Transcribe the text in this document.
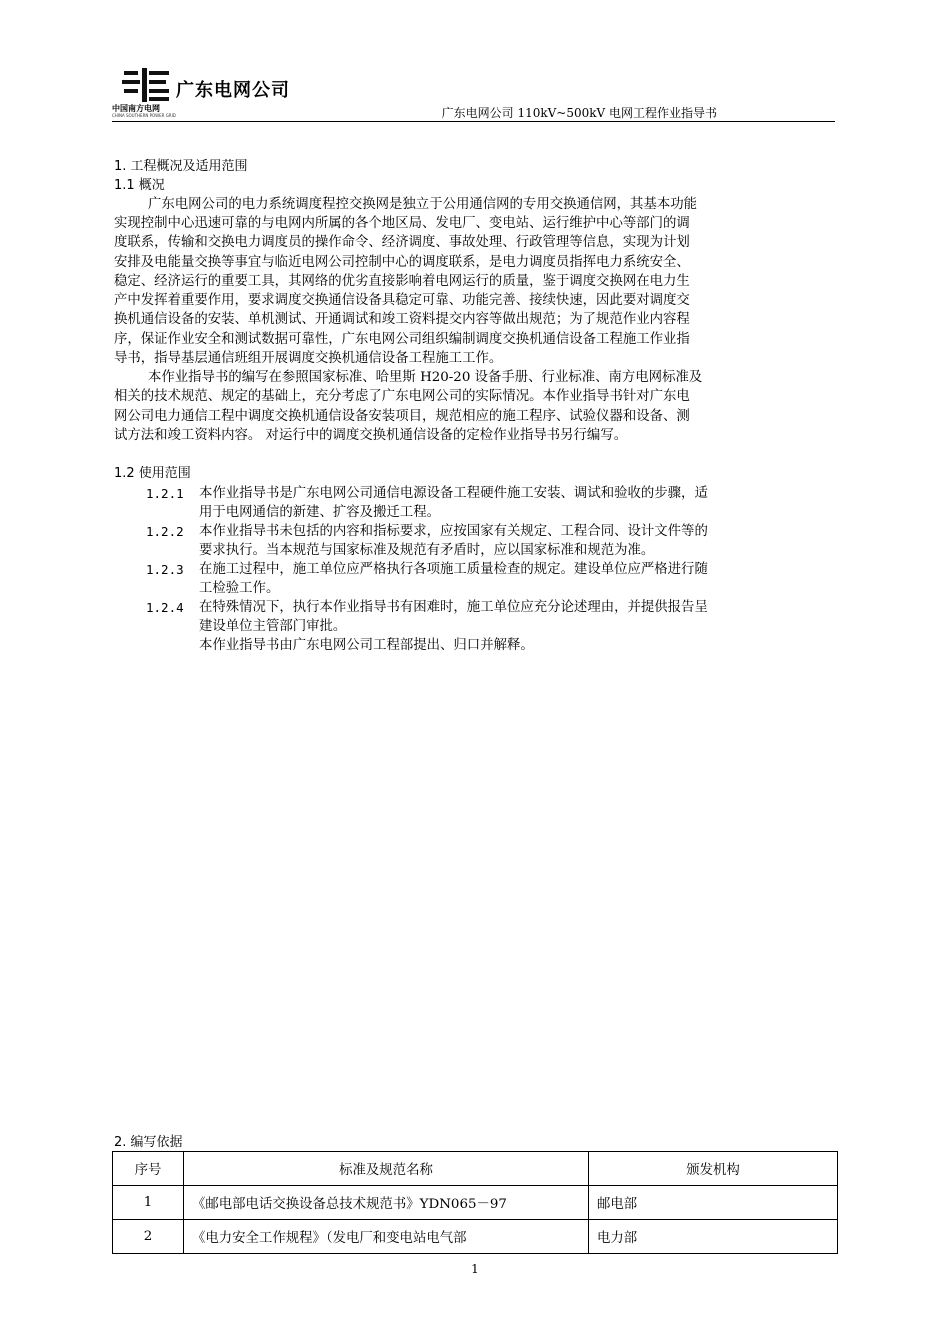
广东电网公司
中国南方电网
CHINA SOUTHERN POWER GRID	广东电网公司 110kV~500kV 电网工程作业指导书
1. 工程概况及适用范围
1.1 概况
广东电网公司的电力系统调度程控交换网是独立于公用通信网的专用交换通信网，其基本功能
实现控制中心迅速可靠的与电网内所属的各个地区局、发电厂、变电站、运行维护中心等部门的调
度联系，传输和交换电力调度员的操作命令、经济调度、事故处理、行政管理等信息，实现为计划
安排及电能量交换等事宜与临近电网公司控制中心的调度联系，是电力调度员指挥电力系统安全、
稳定、经济运行的重要工具，其网络的优劣直接影响着电网运行的质量，鉴于调度交换网在电力生
产中发挥着重要作用，要求调度交换通信设备具稳定可靠、功能完善、接续快速，因此要对调度交
换机通信设备的安装、单机测试、开通调试和竣工资料提交内容等做出规范；为了规范作业内容程
序，保证作业安全和测试数据可靠性，广东电网公司组织编制调度交换机通信设备工程施工作业指
导书，指导基层通信班组开展调度交换机通信设备工程施工工作。
本作业指导书的编写在参照国家标准、哈里斯 H20-20 设备手册、行业标准、南方电网标准及
相关的技术规范、规定的基础上，充分考虑了广东电网公司的实际情况。本作业指导书针对广东电
网公司电力通信工程中调度交换机通信设备安装项目，规范相应的施工程序、试验仪器和设备、测
试方法和竣工资料内容。 对运行中的调度交换机通信设备的定检作业指导书另行编写。
1.2 使用范围
1.2.1 本作业指导书是广东电网公司通信电源设备工程硬件施工安装、调试和验收的步骤，适
用于电网通信的新建、扩容及搬迁工程。
1.2.2 本作业指导书未包括的内容和指标要求，应按国家有关规定、工程合同、设计文件等的
要求执行。当本规范与国家标准及规范有矛盾时，应以国家标准和规范为准。
1.2.3 在施工过程中，施工单位应严格执行各项施工质量检查的规定。建设单位应严格进行随
工检验工作。
1.2.4 在特殊情况下，执行本作业指导书有困难时，施工单位应充分论述理由，并提供报告呈
建设单位主管部门审批。
本作业指导书由广东电网公司工程部提出、归口并解释。
2. 编写依据
序号	标准及规范名称	颁发机构
1	《邮电部电话交换设备总技术规范书》YDN065－97	邮电部
2	《电力安全工作规程》（发电厂和变电站电气部	电力部
1
